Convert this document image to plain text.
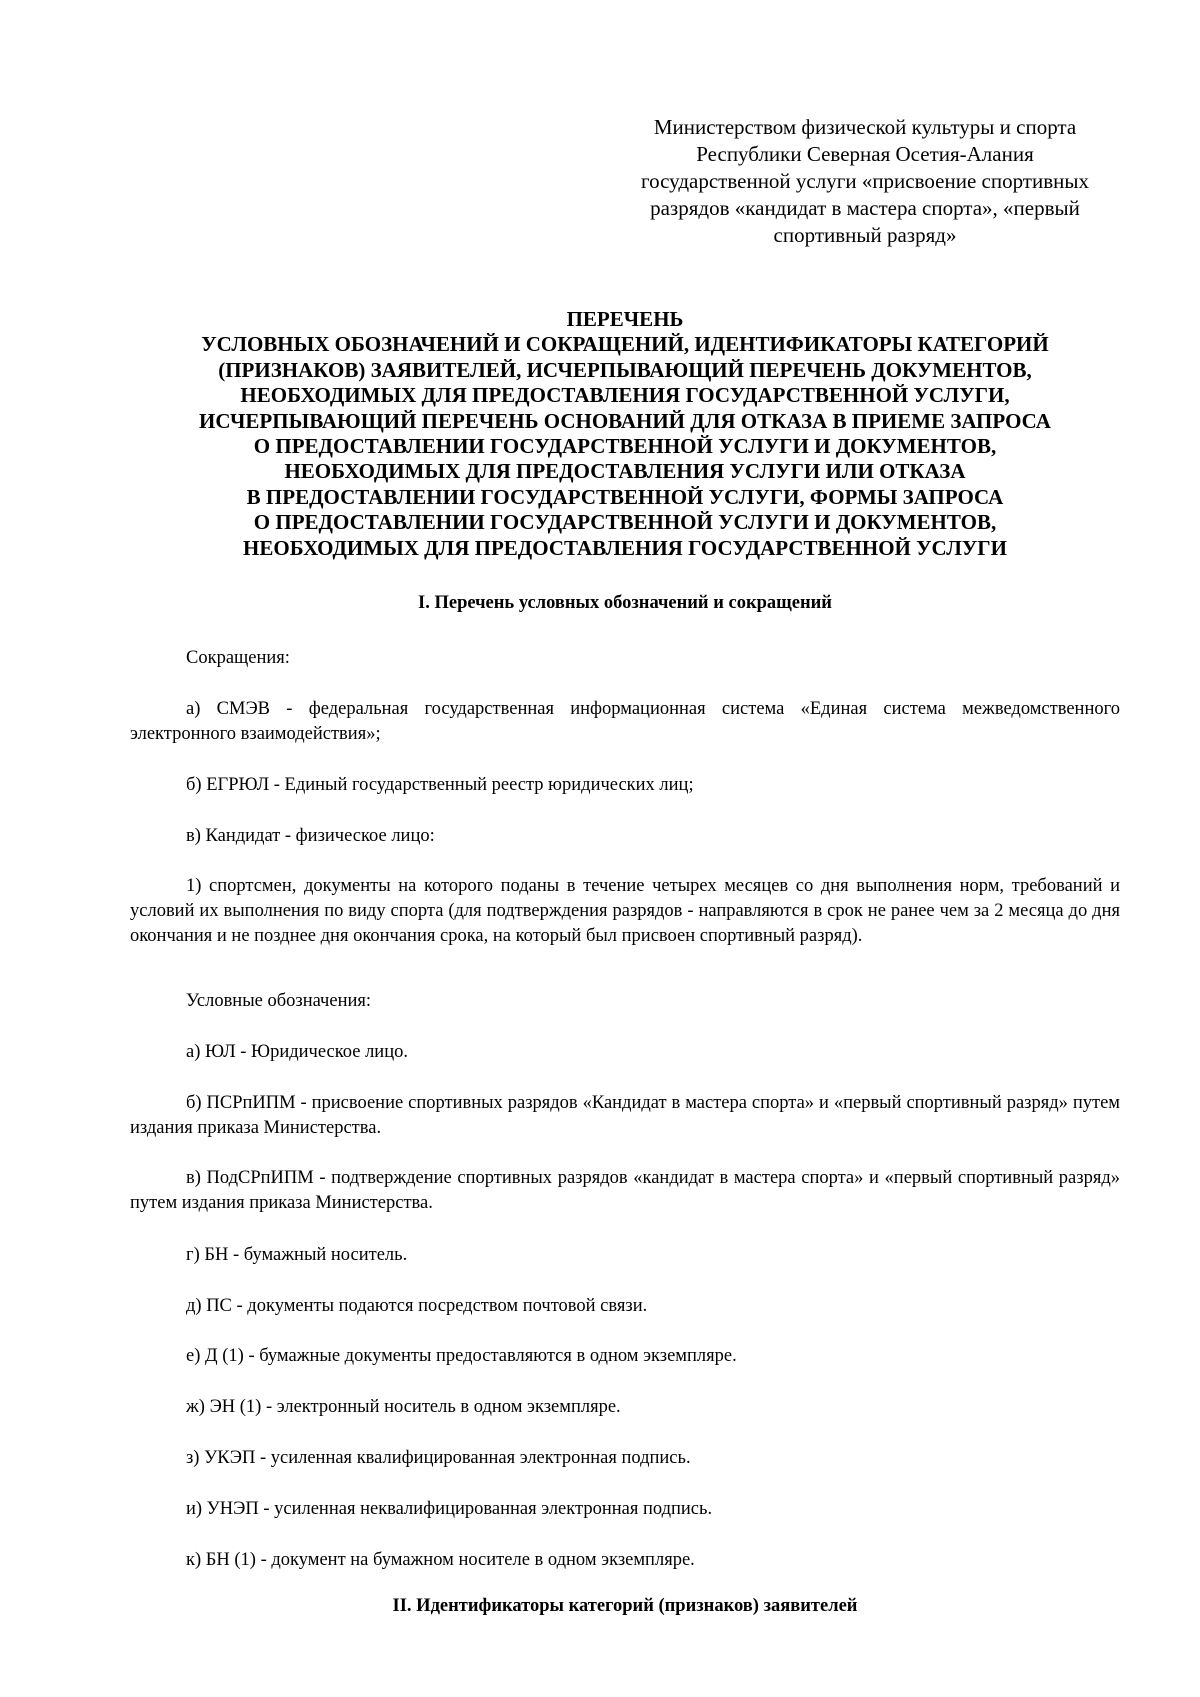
Министерством физической культуры и спорта
Республики Северная Осетия-Алания
государственной услуги «присвоение спортивных
разрядов «кандидат в мастера спорта», «первый
спортивный разряд»
ПЕРЕЧЕНЬ
УСЛОВНЫХ ОБОЗНАЧЕНИЙ И СОКРАЩЕНИЙ, ИДЕНТИФИКАТОРЫ КАТЕГОРИЙ
(ПРИЗНАКОВ) ЗАЯВИТЕЛЕЙ, ИСЧЕРПЫВАЮЩИЙ ПЕРЕЧЕНЬ ДОКУМЕНТОВ,
НЕОБХОДИМЫХ ДЛЯ ПРЕДОСТАВЛЕНИЯ ГОСУДАРСТВЕННОЙ УСЛУГИ,
ИСЧЕРПЫВАЮЩИЙ ПЕРЕЧЕНЬ ОСНОВАНИЙ ДЛЯ ОТКАЗА В ПРИЕМЕ ЗАПРОСА
О ПРЕДОСТАВЛЕНИИ ГОСУДАРСТВЕННОЙ УСЛУГИ И ДОКУМЕНТОВ,
НЕОБХОДИМЫХ ДЛЯ ПРЕДОСТАВЛЕНИЯ УСЛУГИ ИЛИ ОТКАЗА
В ПРЕДОСТАВЛЕНИИ ГОСУДАРСТВЕННОЙ УСЛУГИ, ФОРМЫ ЗАПРОСА
О ПРЕДОСТАВЛЕНИИ ГОСУДАРСТВЕННОЙ УСЛУГИ И ДОКУМЕНТОВ,
НЕОБХОДИМЫХ ДЛЯ ПРЕДОСТАВЛЕНИЯ ГОСУДАРСТВЕННОЙ УСЛУГИ
I. Перечень условных обозначений и сокращений
Сокращения:
а) СМЭВ - федеральная государственная информационная система «Единая система межведомственного электронного взаимодействия»;
б) ЕГРЮЛ - Единый государственный реестр юридических лиц;
в) Кандидат - физическое лицо:
1) спортсмен, документы на которого поданы в течение четырех месяцев со дня выполнения норм, требований и условий их выполнения по виду спорта (для подтверждения разрядов - направляются в срок не ранее чем за 2 месяца до дня окончания и не позднее дня окончания срока, на который был присвоен спортивный разряд).
Условные обозначения:
а) ЮЛ - Юридическое лицо.
б) ПСРпИПМ - присвоение спортивных разрядов «Кандидат в мастера спорта» и «первый спортивный разряд» путем издания приказа Министерства.
в) ПодСРпИПМ - подтверждение спортивных разрядов «кандидат в мастера спорта» и «первый спортивный разряд» путем издания приказа Министерства.
г) БН - бумажный носитель.
д) ПС - документы подаются посредством почтовой связи.
е) Д (1) - бумажные документы предоставляются в одном экземпляре.
ж) ЭН (1) - электронный носитель в одном экземпляре.
з) УКЭП - усиленная квалифицированная электронная подпись.
и) УНЭП - усиленная неквалифицированная электронная подпись.
к) БН (1) - документ на бумажном носителе в одном экземпляре.
II. Идентификаторы категорий (признаков) заявителей
